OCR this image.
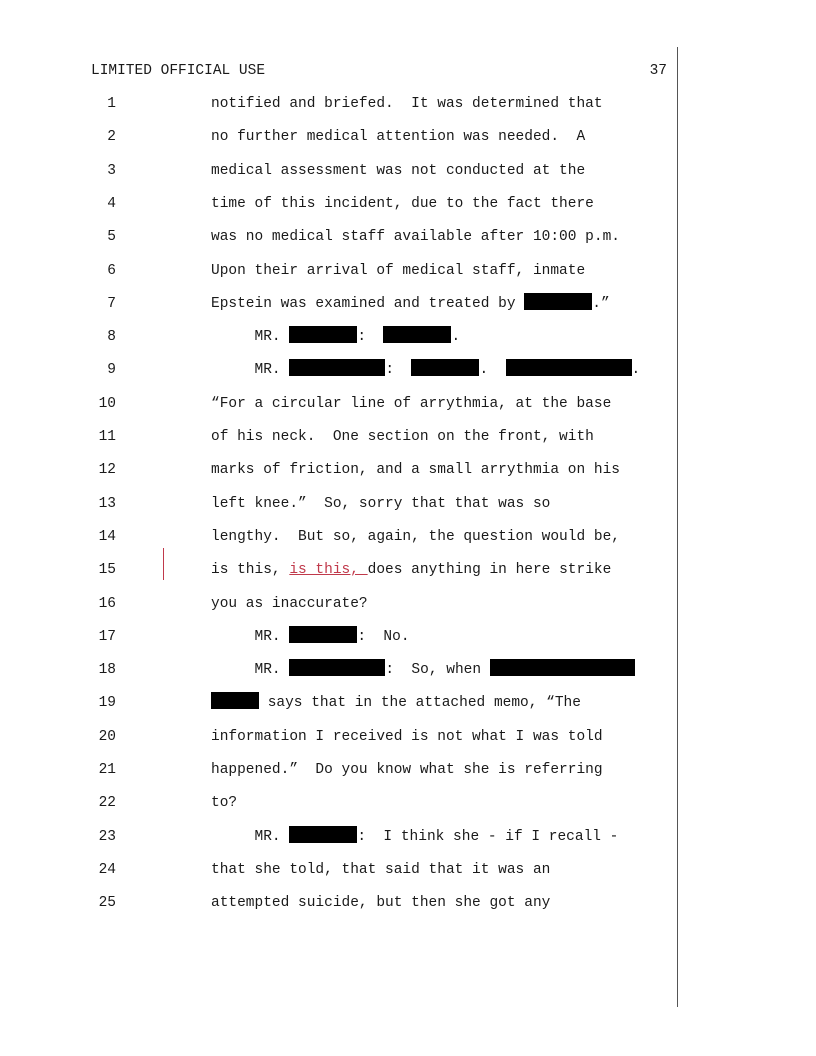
LIMITED OFFICIAL USE	37
1	notified and briefed.  It was determined that
2	no further medical attention was needed.  A
3	medical assessment was not conducted at the
4	time of this incident, due to the fact there
5	was no medical staff available after 10:00 p.m.
6	Upon their arrival of medical staff, inmate
7	Epstein was examined and treated by	.”
8	MR.	:	.
9	MR.	:	.	.
10	“For a circular line of arrythmia, at the base
11	of his neck.  One section on the front, with
12	marks of friction, and a small arrythmia on his
13	left knee.”  So, sorry that that was so
14	lengthy.  But so, again, the question would be,
15	is this, is this, does anything in here strike
16	you as inaccurate?
17	MR.	:  No.
18	MR.	:  So, when
19	says that in the attached memo, “The
20	information I received is not what I was told
21	happened.”  Do you know what she is referring
22	to?
23	MR.	:  I think she - if I recall -
24	that she told, that said that it was an
25	attempted suicide, but then she got any
